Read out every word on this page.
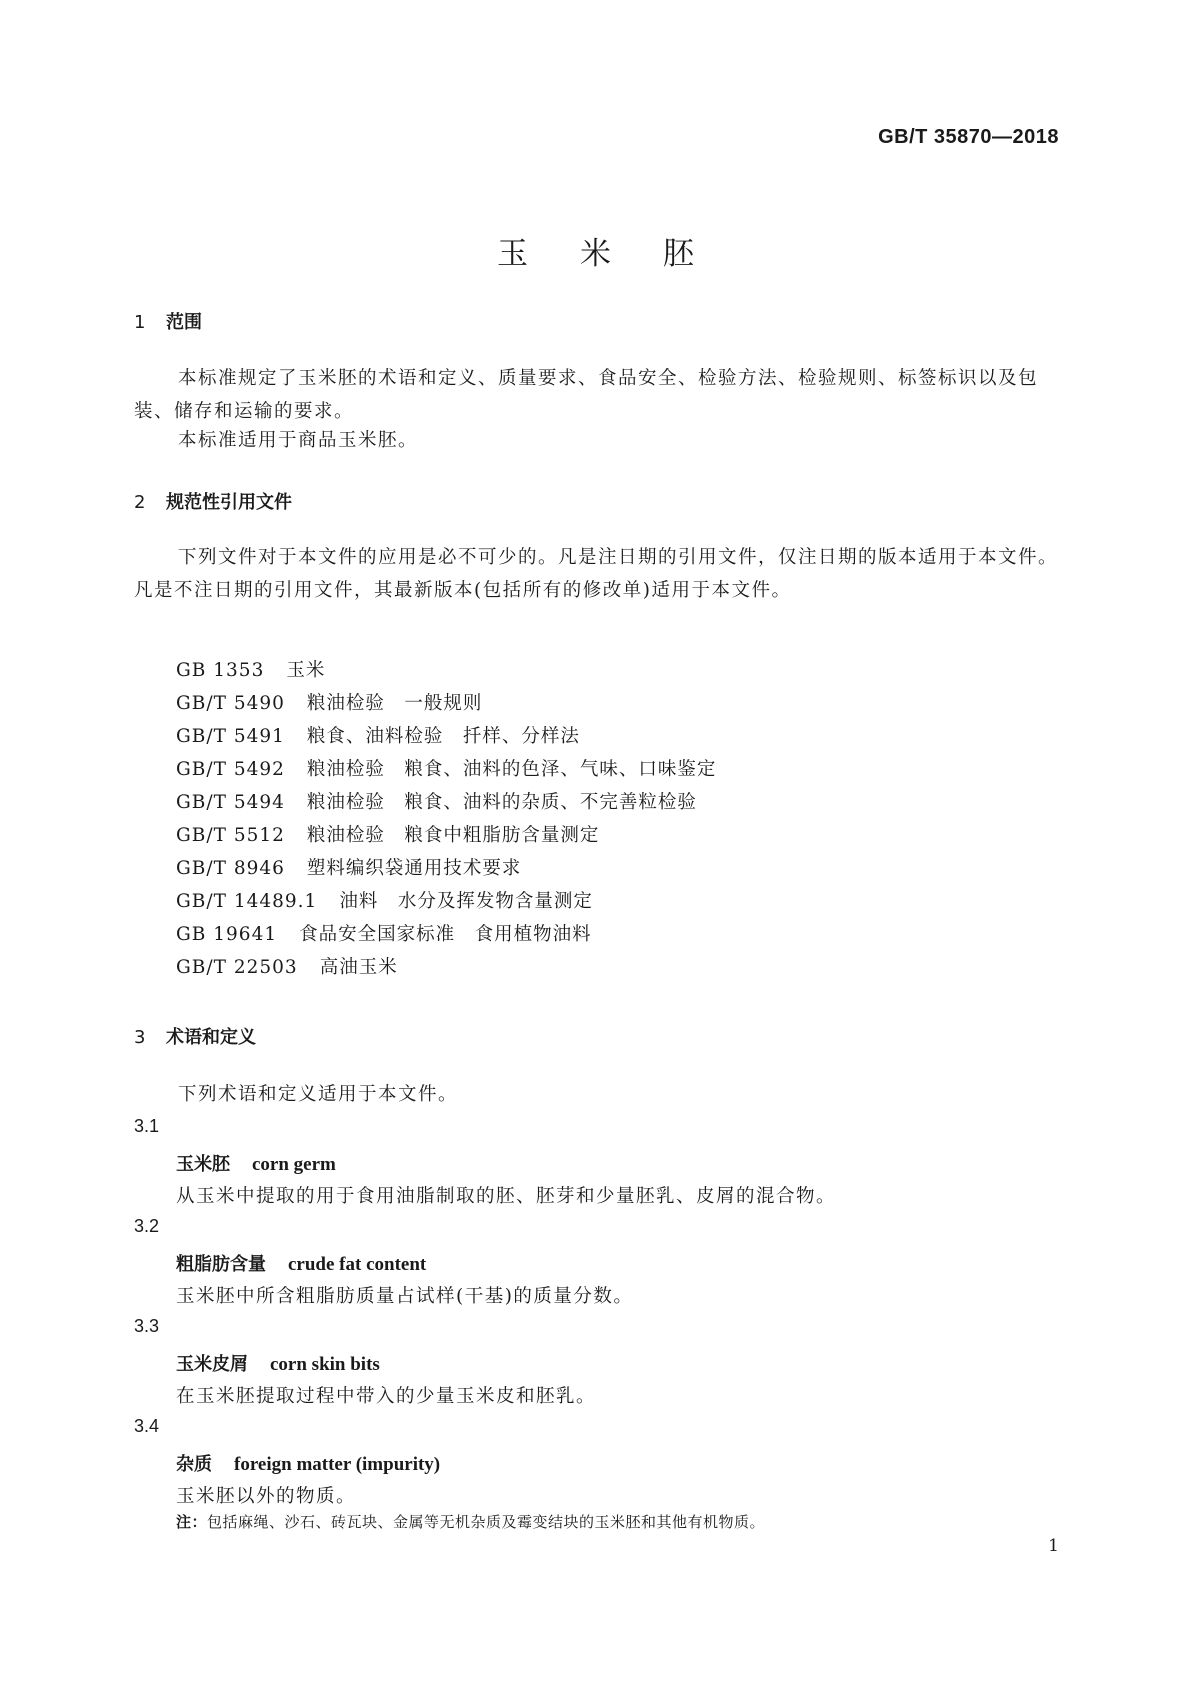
GB/T 35870—2018
玉米胚
1 范围
本标准规定了玉米胚的术语和定义、质量要求、食品安全、检验方法、检验规则、标签标识以及包装、储存和运输的要求。
本标准适用于商品玉米胚。
2 规范性引用文件
下列文件对于本文件的应用是必不可少的。凡是注日期的引用文件，仅注日期的版本适用于本文件。凡是不注日期的引用文件，其最新版本(包括所有的修改单)适用于本文件。
GB 1353 玉米
GB/T 5490 粮油检验　一般规则
GB/T 5491 粮食、油料检验　扦样、分样法
GB/T 5492 粮油检验　粮食、油料的色泽、气味、口味鉴定
GB/T 5494 粮油检验　粮食、油料的杂质、不完善粒检验
GB/T 5512 粮油检验　粮食中粗脂肪含量测定
GB/T 8946 塑料编织袋通用技术要求
GB/T 14489.1 油料　水分及挥发物含量测定
GB 19641 食品安全国家标准　食用植物油料
GB/T 22503 高油玉米
3 术语和定义
下列术语和定义适用于本文件。
3.1
玉米胚 corn germ
从玉米中提取的用于食用油脂制取的胚、胚芽和少量胚乳、皮屑的混合物。
3.2
粗脂肪含量 crude fat content
玉米胚中所含粗脂肪质量占试样(干基)的质量分数。
3.3
玉米皮屑 corn skin bits
在玉米胚提取过程中带入的少量玉米皮和胚乳。
3.4
杂质 foreign matter (impurity)
玉米胚以外的物质。
注：包括麻绳、沙石、砖瓦块、金属等无机杂质及霉变结块的玉米胚和其他有机物质。
1
